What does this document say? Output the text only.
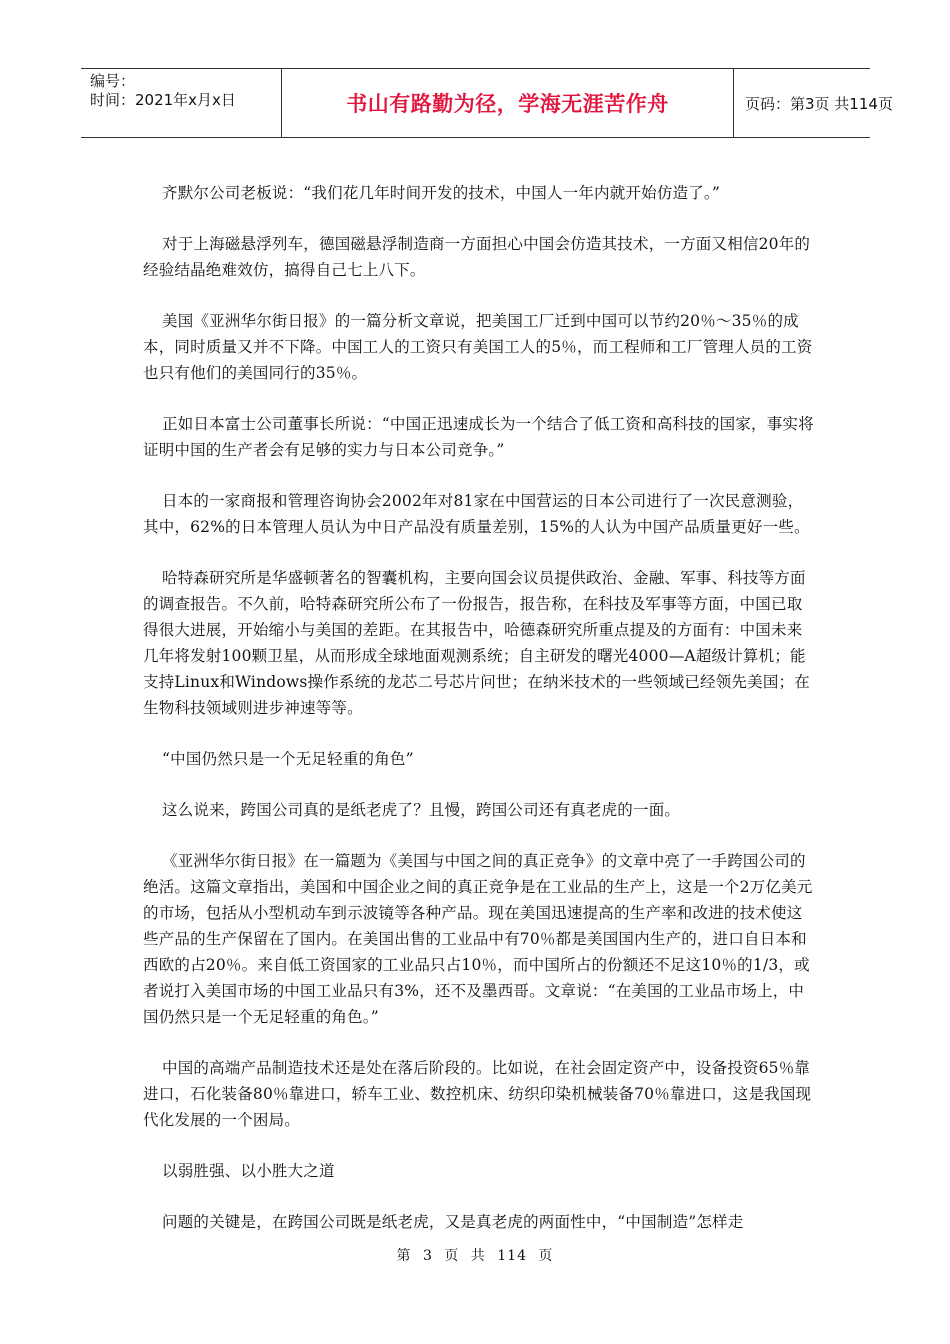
编号：
时间：2021年x月x日	书山有路勤为径，学海无涯苦作舟	页码：第3页 共114页

齐默尔公司老板说：“我们花几年时间开发的技术，中国人一年内就开始仿造了。”

对于上海磁悬浮列车，德国磁悬浮制造商一方面担心中国会仿造其技术，一方面又相信20年的经验结晶绝难效仿，搞得自己七上八下。

美国《亚洲华尔街日报》的一篇分析文章说，把美国工厂迁到中国可以节约20％～35％的成本，同时质量又并不下降。中国工人的工资只有美国工人的5％，而工程师和工厂管理人员的工资也只有他们的美国同行的35％。

正如日本富士公司董事长所说：“中国正迅速成长为一个结合了低工资和高科技的国家，事实将证明中国的生产者会有足够的实力与日本公司竞争。”

日本的一家商报和管理咨询协会2002年对81家在中国营运的日本公司进行了一次民意测验，其中，62%的日本管理人员认为中日产品没有质量差别，15%的人认为中国产品质量更好一些。

哈特森研究所是华盛顿著名的智囊机构，主要向国会议员提供政治、金融、军事、科技等方面的调查报告。不久前，哈特森研究所公布了一份报告，报告称，在科技及军事等方面，中国已取得很大进展，开始缩小与美国的差距。在其报告中，哈德森研究所重点提及的方面有：中国未来几年将发射100颗卫星，从而形成全球地面观测系统；自主研发的曙光4000—A超级计算机；能支持Linux和Windows操作系统的龙芯二号芯片问世；在纳米技术的一些领域已经领先美国；在生物科技领域则进步神速等等。

“中国仍然只是一个无足轻重的角色”

这么说来，跨国公司真的是纸老虎了？且慢，跨国公司还有真老虎的一面。

《亚洲华尔街日报》在一篇题为《美国与中国之间的真正竞争》的文章中亮了一手跨国公司的绝活。这篇文章指出，美国和中国企业之间的真正竞争是在工业品的生产上，这是一个2万亿美元的市场，包括从小型机动车到示波镜等各种产品。现在美国迅速提高的生产率和改进的技术使这些产品的生产保留在了国内。在美国出售的工业品中有70％都是美国国内生产的，进口自日本和西欧的占20％。来自低工资国家的工业品只占10％，而中国所占的份额还不足这10％的1/3，或者说打入美国市场的中国工业品只有3%，还不及墨西哥。文章说：“在美国的工业品市场上，中国仍然只是一个无足轻重的角色。”

中国的高端产品制造技术还是处在落后阶段的。比如说，在社会固定资产中，设备投资65％靠进口，石化装备80％靠进口，轿车工业、数控机床、纺织印染机械装备70％靠进口，这是我国现代化发展的一个困局。

以弱胜强、以小胜大之道

问题的关键是，在跨国公司既是纸老虎，又是真老虎的两面性中，“中国制造”怎样走

第 3 页 共 114 页
